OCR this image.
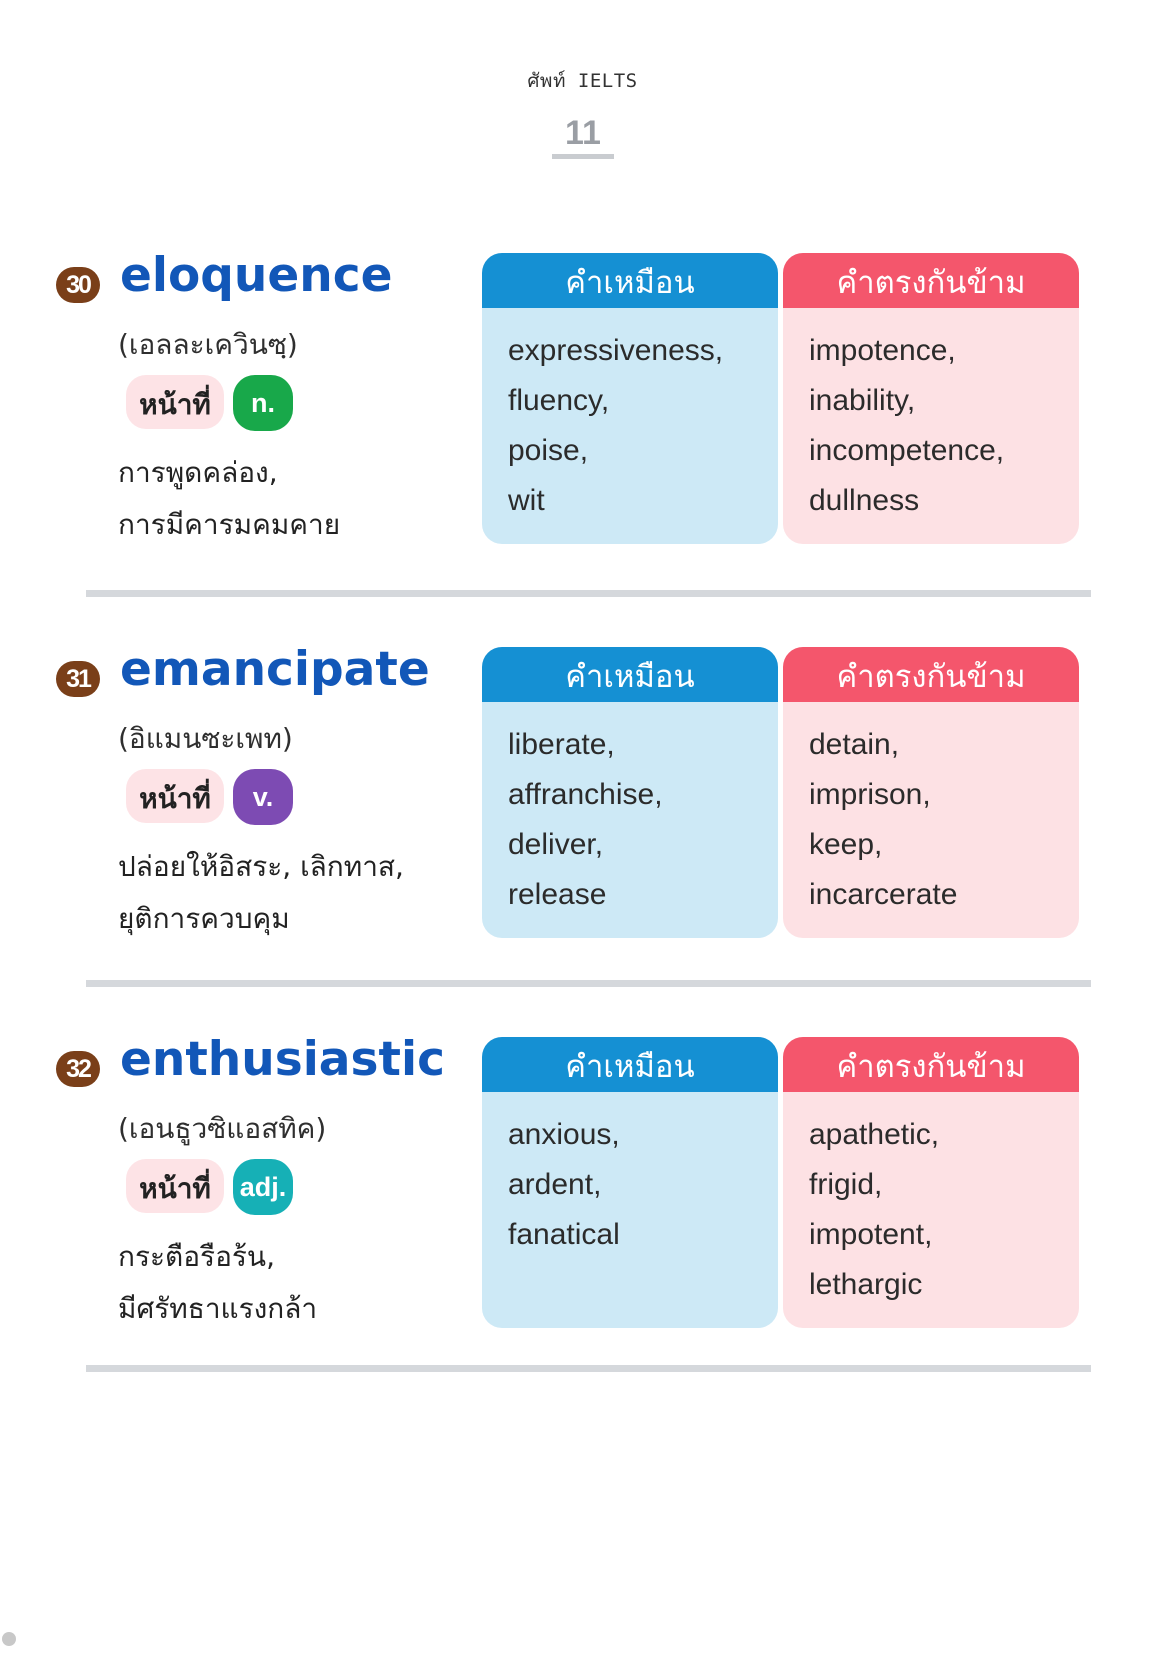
ศัพท์ IELTS
11
30 eloquence
(เอลละเควินซฺ)
หน้าที่	n.
การพูดคล่อง,
การมีคารมคมคาย
คำเหมือน
expressiveness,
fluency,
poise,
wit
คำตรงกันข้าม
impotence,
inability,
incompetence,
dullness
31 emancipate
(อิแมนซะเพท)
หน้าที่	v.
ปล่อยให้อิสระ, เลิกทาส,
ยุติการควบคุม
คำเหมือน
liberate,
affranchise,
deliver,
release
คำตรงกันข้าม
detain,
imprison,
keep,
incarcerate
32 enthusiastic
(เอนธูวซิแอสทิค)
หน้าที่	adj.
กระตือรือร้น,
มีศรัทธาแรงกล้า
คำเหมือน
anxious,
ardent,
fanatical
คำตรงกันข้าม
apathetic,
frigid,
impotent,
lethargic
